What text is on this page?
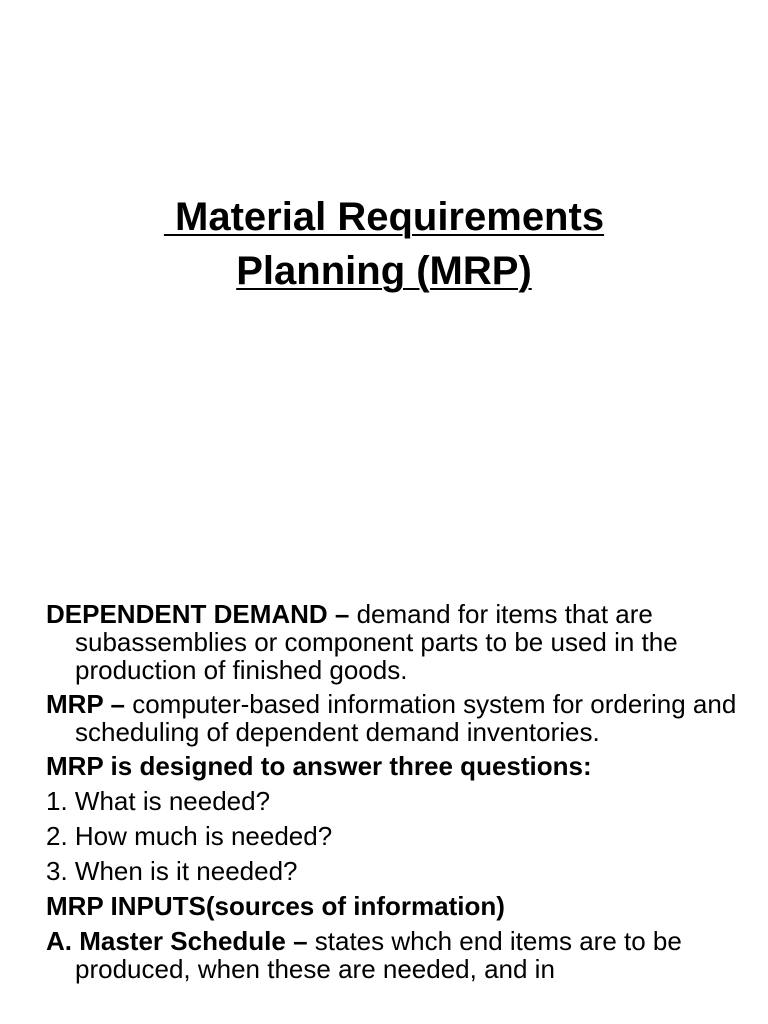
Material Requirements
Planning (MRP)

DEPENDENT DEMAND – demand for items that are subassemblies or component parts to be used in the production of finished goods.

MRP – computer-based information system for ordering and scheduling of dependent demand inventories.

MRP is designed to answer three questions:

1. What is needed?

2. How much is needed?

3. When is it needed?

MRP INPUTS(sources of information)

A. Master Schedule – states whch end items are to be produced, when these are needed, and in
